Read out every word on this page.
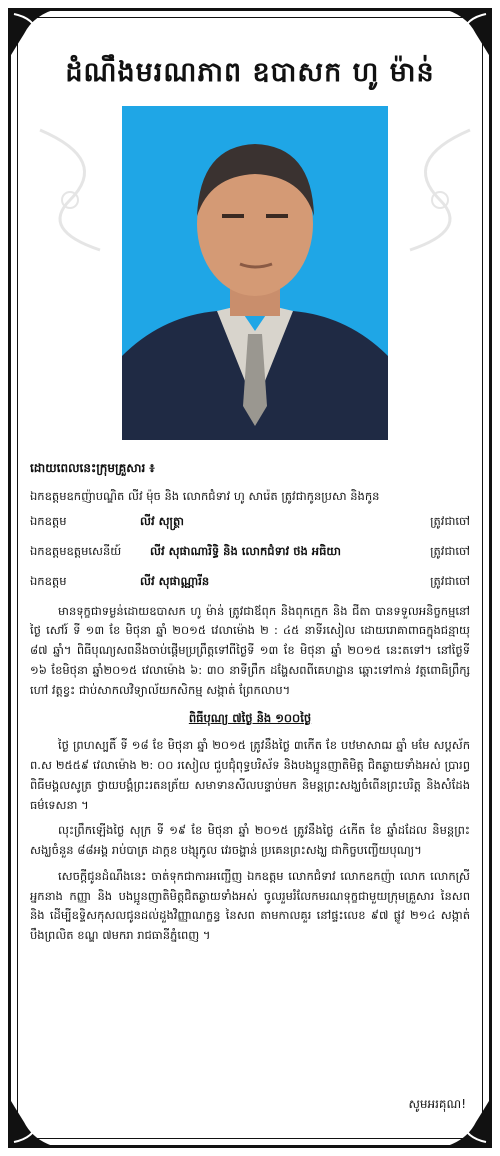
ដំណឹងមរណភាព ឧបាសក ហូ ម៉ាន់
ដោយពេលនេះក្រុមគ្រួសារ ៖
ឯកឧត្តមឧកញ៉ាបណ្ឌិត លីវ ម៉ុច និង លោកជំទាវ ហូ សារ៉េត ត្រូវជាកូនប្រសា និងកូន
ឯកឧត្តម	លីវ សុត្ថ្រា	ត្រូវជាចៅ
ឯកឧត្តមឧត្តមសេនីយ៍	លីវ សុផាណារិទ្ធិ និង លោកជំទាវ ថង អធិយា	ត្រូវជាចៅ
ឯកឧត្តម	លីវ សុផាណ្ណារីន	ត្រូវជាចៅ
មានទុក្ខជាទម្ងន់ដោយឧបាសក ហូ ម៉ាន់ ត្រូវជាឪពុក និងពុកក្មេក និង ជីតា បានទទួលអនិច្ចកម្មនៅថ្ងៃ សៅរ៍ ទី ១៣ ខែ មិថុនា ឆ្នាំ ២០១៥ វេលាម៉ោង ២ : ៤៥ នាទីរសៀល ដោយរោគាពាធក្នុងជន្មាយុ ៨៧ ឆ្នាំ។ ពិធីបុណ្យសពនឹងចាប់ផ្តើមប្រព្រឹត្តទៅពីថ្ងៃទី ១៣ ខែ មិថុនា ឆ្នាំ ២០១៥ នេះតទៅ។ នៅថ្ងៃទី ១៦ ខែមិថុនា ឆ្នាំ២០១៥ វេលាម៉ោង ៦: ៣០ នាទីព្រឹក ដង្ហែសពពីគេហដ្ឋាន ឆ្ពោះទៅកាន់ វត្តពោធិព្រឹក្ស ហៅ វត្តខ្វះ ជាប់សាកលវិទ្យាល័យកសិកម្ម សង្កាត់ ព្រែកលាប។
ពិធីបុណ្យ ៧ថ្ងៃ និង ១០០ថ្ងៃ
ថ្ងៃ ព្រហស្បតិ៍ ទី ១៨ ខែ មិថុនា ឆ្នាំ ២០១៥ ត្រូវនឹងថ្ងៃ ៣កើត ខែ បឋមាសាឍ ឆ្នាំ មមែ សប្តស័ក ព.ស ២៥៥៩ វេលាម៉ោង ២: ០០ រសៀល ជួបជុំពុទ្ធបរិស័ទ និងបងប្អូនញាតិមិត្ត ជិតឆ្ងាយទាំងអស់ ប្រារព្ធពិធីមង្គលសូត្រ ថ្វាយបង្គំព្រះរតនត្រ័យ សមាទានសីលបន្ទាប់មក និមន្តព្រះសង្ឃចំពើនព្រះបរិត្ត និងសំដែងធម៌ទេសនា ។
លុះព្រឹកឡើងថ្ងៃ សុក្រ ទី ១៩ ខែ មិថុនា ឆ្នាំ ២០១៥ ត្រូវនឹងថ្ងៃ ៤កើត ខែ ឆ្នាំដដែល និមន្តព្រះសង្ឃចំនួន ៨៨អង្គ រាប់បាត្រ ដាក្តខ បង្សុកូល វេរចង្ហាន់ ប្រគេនព្រះសង្ឃ ជាកិច្ចបញ្ចើយបុណ្យ។
សេចក្តីជូនដំណឹងនេះ ចាត់ទុកជាការអញ្ជើញ ឯកឧត្តម លោកជំទាវ លោកឧកញ៉ា លោក លោកស្រី អ្នកនាង កញ្ញា និង បងប្អូនញាតិមិត្តជិតឆ្ងាយទាំងអស់ ចូលរួមរំលែកមរណទុក្ខជាមួយក្រុមគ្រួសារ នៃសព និង ដើម្បីឧទ្ទិសកុសលជូនដល់ដួងវិញ្ញាណក្ខន្ធ នៃសព តាមកាលគួរ នៅផ្ទះលេខ ៩៧ ផ្លូវ ២១៤ សង្កាត់ បឹងព្រលិត ខណ្ឌ ៧មករា រាជធានីភ្នំពេញ ។
សូមអរគុណ!
